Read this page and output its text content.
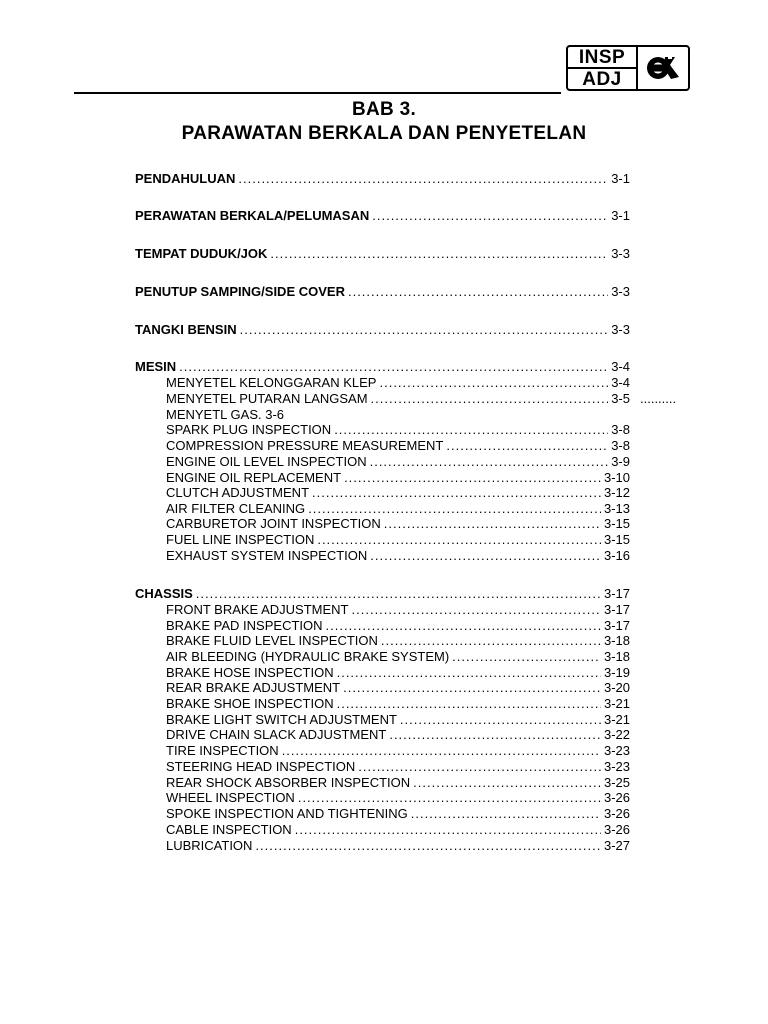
INSP
ADJ
BAB 3.
PARAWATAN BERKALA DAN PENYETELAN
PENDAHULUAN .....	3-1
PERAWATAN BERKALA/PELUMASAN .....	3-1
TEMPAT DUDUK/JOK .....	3-3
PENUTUP SAMPING/SIDE COVER .....	3-3
TANGKI BENSIN .....	3-3
MESIN .....	3-4
MENYETEL KELONGGARAN KLEP .....	3-4
MENYETEL PUTARAN LANGSAM .....	3-5
MENYETL GAS. 3-6
SPARK PLUG INSPECTION .....	3-8
COMPRESSION PRESSURE MEASUREMENT .....	3-8
ENGINE OIL LEVEL INSPECTION .....	3-9
ENGINE OIL REPLACEMENT .....	3-10
CLUTCH ADJUSTMENT .....	3-12
AIR FILTER CLEANING .....	3-13
CARBURETOR JOINT INSPECTION .....	3-15
FUEL LINE INSPECTION .....	3-15
EXHAUST SYSTEM INSPECTION .....	3-16
CHASSIS .....	3-17
FRONT BRAKE ADJUSTMENT .....	3-17
BRAKE PAD INSPECTION .....	3-17
BRAKE FLUID LEVEL INSPECTION .....	3-18
AIR BLEEDING (HYDRAULIC BRAKE SYSTEM) .....	3-18
BRAKE HOSE INSPECTION .....	3-19
REAR BRAKE ADJUSTMENT .....	3-20
BRAKE SHOE INSPECTION .....	3-21
BRAKE LIGHT SWITCH ADJUSTMENT .....	3-21
DRIVE CHAIN SLACK ADJUSTMENT .....	3-22
TIRE INSPECTION .....	3-23
STEERING HEAD INSPECTION .....	3-23
REAR SHOCK ABSORBER INSPECTION .....	3-25
WHEEL INSPECTION .....	3-26
SPOKE INSPECTION AND TIGHTENING .....	3-26
CABLE INSPECTION .....	3-26
LUBRICATION .....	3-27
..........
